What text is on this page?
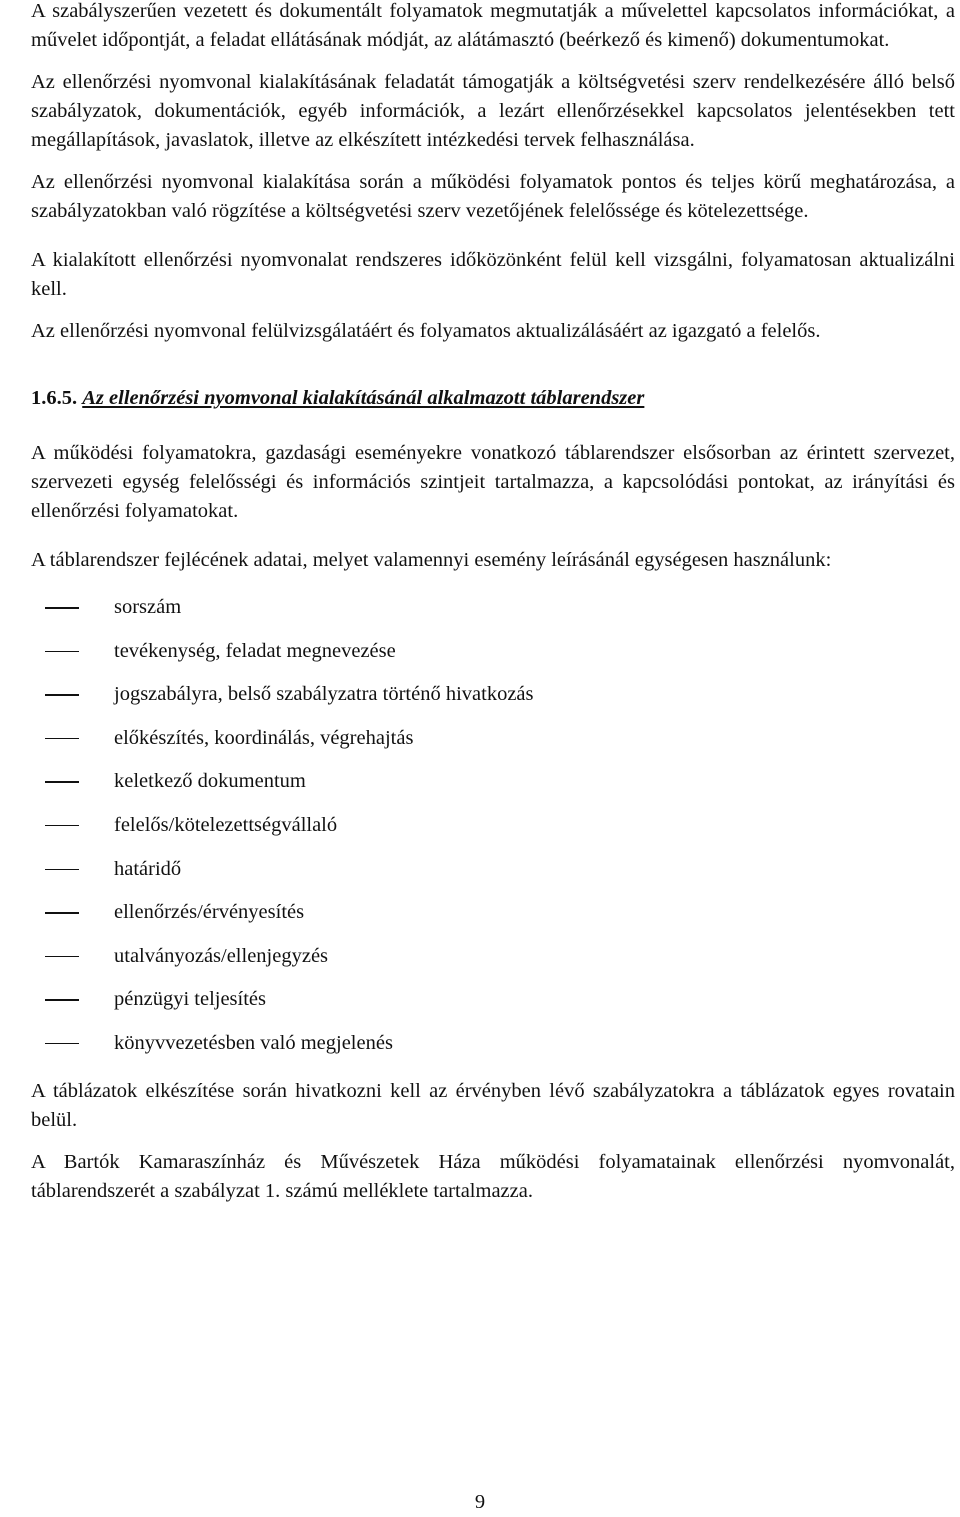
A szabályszerűen vezetett és dokumentált folyamatok megmutatják a művelettel kapcsolatos információkat, a művelet időpontját, a feladat ellátásának módját, az alátámasztó (beérkező és kimenő) dokumentumokat.

Az ellenőrzési nyomvonal kialakításának feladatát támogatják a költségvetési szerv rendelkezésére álló belső szabályzatok, dokumentációk, egyéb információk, a lezárt ellenőrzésekkel kapcsolatos jelentésekben tett megállapítások, javaslatok, illetve az elkészített intézkedési tervek felhasználása.

Az ellenőrzési nyomvonal kialakítása során a működési folyamatok pontos és teljes körű meghatározása, a szabályzatokban való rögzítése a költségvetési szerv vezetőjének felelőssége és kötelezettsége.

A kialakított ellenőrzési nyomvonalat rendszeres időközönként felül kell vizsgálni, folyamatosan aktualizálni kell.

Az ellenőrzési nyomvonal felülvizsgálatáért és folyamatos aktualizálásáért az igazgató a felelős.

1.6.5. Az ellenőrzési nyomvonal kialakításánál alkalmazott táblarendszer

A működési folyamatokra, gazdasági eseményekre vonatkozó táblarendszer elsősorban az érintett szervezet, szervezeti egység felelősségi és információs szintjeit tartalmazza, a kapcsolódási pontokat, az irányítási és ellenőrzési folyamatokat.

A táblarendszer fejlécének adatai, melyet valamennyi esemény leírásánál egységesen használunk:

sorszám
tevékenység, feladat megnevezése
jogszabályra, belső szabályzatra történő hivatkozás
előkészítés, koordinálás, végrehajtás
keletkező dokumentum
felelős/kötelezettségvállaló
határidő
ellenőrzés/érvényesítés
utalványozás/ellenjegyzés
pénzügyi teljesítés
könyvvezetésben való megjelenés

A táblázatok elkészítése során hivatkozni kell az érvényben lévő szabályzatokra a táblázatok egyes rovatain belül.

A Bartók Kamaraszínház és Művészetek Háza működési folyamatainak ellenőrzési nyomvonalát, táblarendszerét a szabályzat 1. számú melléklete tartalmazza.

9
